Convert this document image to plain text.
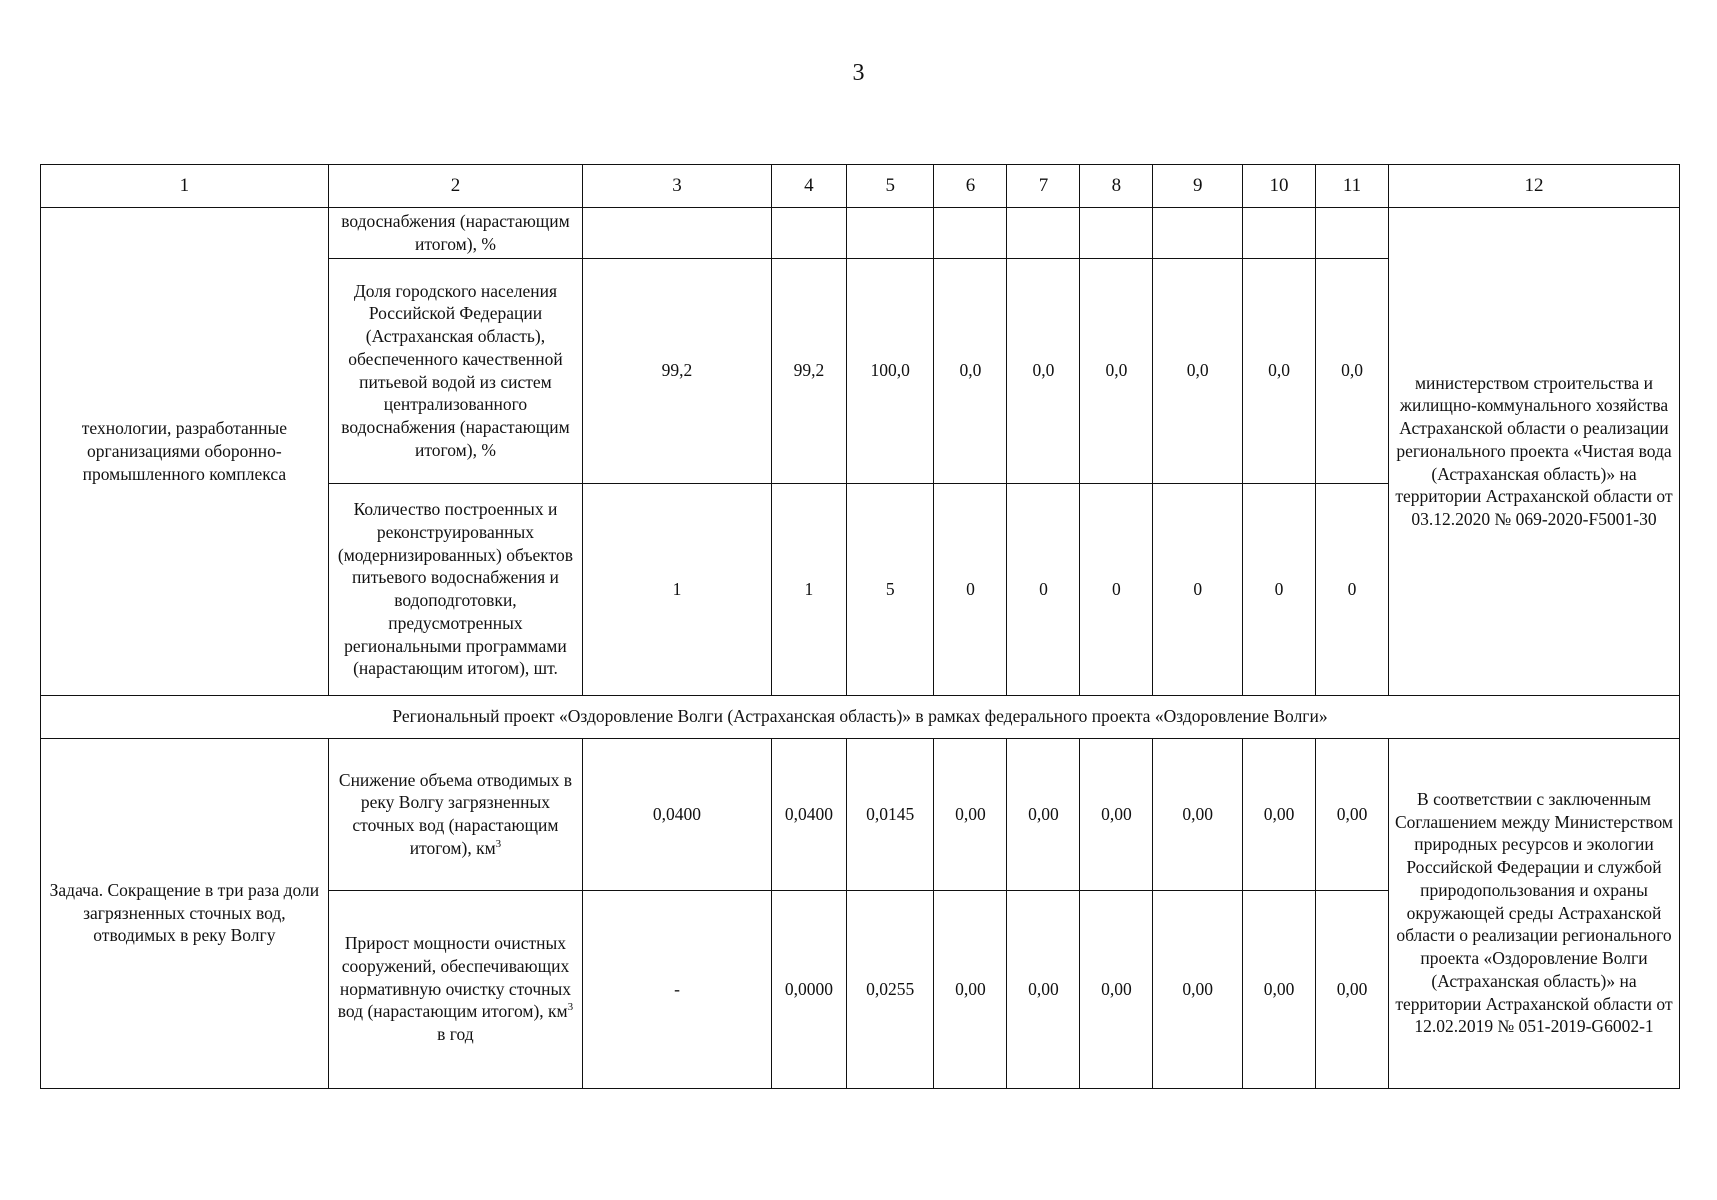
3
1	2	3	4	5	6	7	8	9	10	11	12
технологии, разработанные организациями оборонно-промышленного комплекса	водоснабжения (нарастающим итогом), %										министерством строительства и жилищно-коммунального хозяйства Астраханской области о реализации регионального проекта «Чистая вода (Астраханская область)» на территории Астраханской области от 03.12.2020 № 069-2020-F5001-30
	Доля городского населения Российской Федерации (Астраханская область), обеспеченного качественной питьевой водой из систем централизованного водоснабжения (нарастающим итогом), %	99,2	99,2	100,0	0,0	0,0	0,0	0,0	0,0	0,0	
	Количество построенных и реконструированных (модернизированных) объектов питьевого водоснабжения и водоподготовки, предусмотренных региональными программами (нарастающим итогом), шт.	1	1	5	0	0	0	0	0	0	
Региональный проект «Оздоровление Волги (Астраханская область)» в рамках федерального проекта «Оздоровление Волги»											
Задача. Сокращение в три раза доли загрязненных сточных вод, отводимых в реку Волгу	Снижение объема отводимых в реку Волгу загрязненных сточных вод (нарастающим итогом), $км^3$	0,0400	0,0400	0,0145	0,00	0,00	0,00	0,00	0,00	0,00	В соответствии с заключенным Соглашением между Министерством природных ресурсов и экологии Российской Федерации и службой природопользования и охраны окружающей среды Астраханской области о реализации регионального проекта «Оздоровление Волги (Астраханская область)» на территории Астраханской области от 12.02.2019 № 051-2019-G6002-1
	Прирост мощности очистных сооружений, обеспечивающих нормативную очистку сточных вод (нарастающим итогом), $км^3$ в год	-	0,0000	0,0255	0,00	0,00	0,00	0,00	0,00	0,00	
